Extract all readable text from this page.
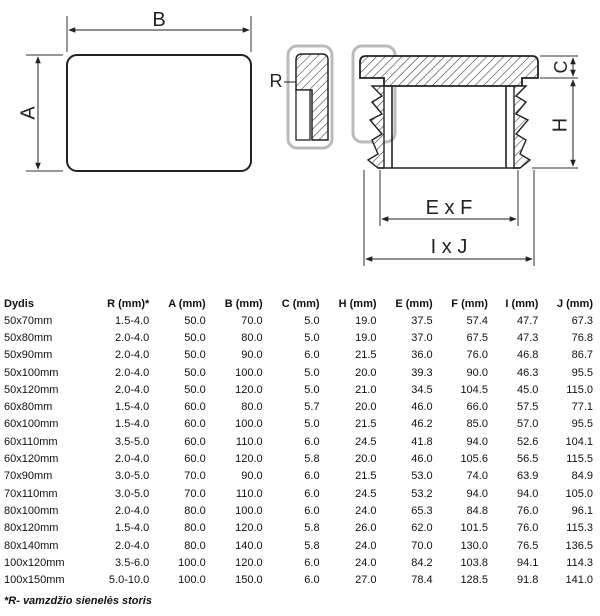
B
A
R
C
H
E x F
I x J
Dydis	R (mm)*	A (mm)	B (mm)	C (mm)	H (mm)	E (mm)	F (mm)	I (mm)	J (mm)
50x70mm	1.5-4.0	50.0	70.0	5.0	19.0	37.5	57.4	47.7	67.3
50x80mm	2.0-4.0	50.0	80.0	5.0	19.0	37.0	67.5	47.3	76.8
50x90mm	2.0-4.0	50.0	90.0	6.0	21.5	36.0	76.0	46.8	86.7
50x100mm	2.0-4.0	50.0	100.0	5.0	20.0	39.3	90.0	46.3	95.5
50x120mm	2.0-4.0	50.0	120.0	5.0	21.0	34.5	104.5	45.0	115.0
60x80mm	1.5-4.0	60.0	80.0	5.7	20.0	46.0	66.0	57.5	77.1
60x100mm	1.5-4.0	60.0	100.0	5.0	21.5	46.2	85.0	57.0	95.5
60x110mm	3.5-5.0	60.0	110.0	6.0	24.5	41.8	94.0	52.6	104.1
60x120mm	2.0-4.0	60.0	120.0	5.8	20.0	46.0	105.6	56.5	115.5
70x90mm	3.0-5.0	70.0	90.0	6.0	21.5	53.0	74.0	63.9	84.9
70x110mm	3.0-5.0	70.0	110.0	6.0	24.5	53.2	94.0	94.0	105.0
80x100mm	2.0-4.0	80.0	100.0	6.0	24.0	65.3	84.8	76.0	96.1
80x120mm	1.5-4.0	80.0	120.0	5.8	26.0	62.0	101.5	76.0	115.3
80x140mm	2.0-4.0	80.0	140.0	5.8	24.0	70.0	130.0	76.5	136.5
100x120mm	3.5-6.0	100.0	120.0	6.0	24.0	84.2	103.8	94.1	114.3
100x150mm	5.0-10.0	100.0	150.0	6.0	27.0	78.4	128.5	91.8	141.0
*R- vamzdžio sienelės storis
